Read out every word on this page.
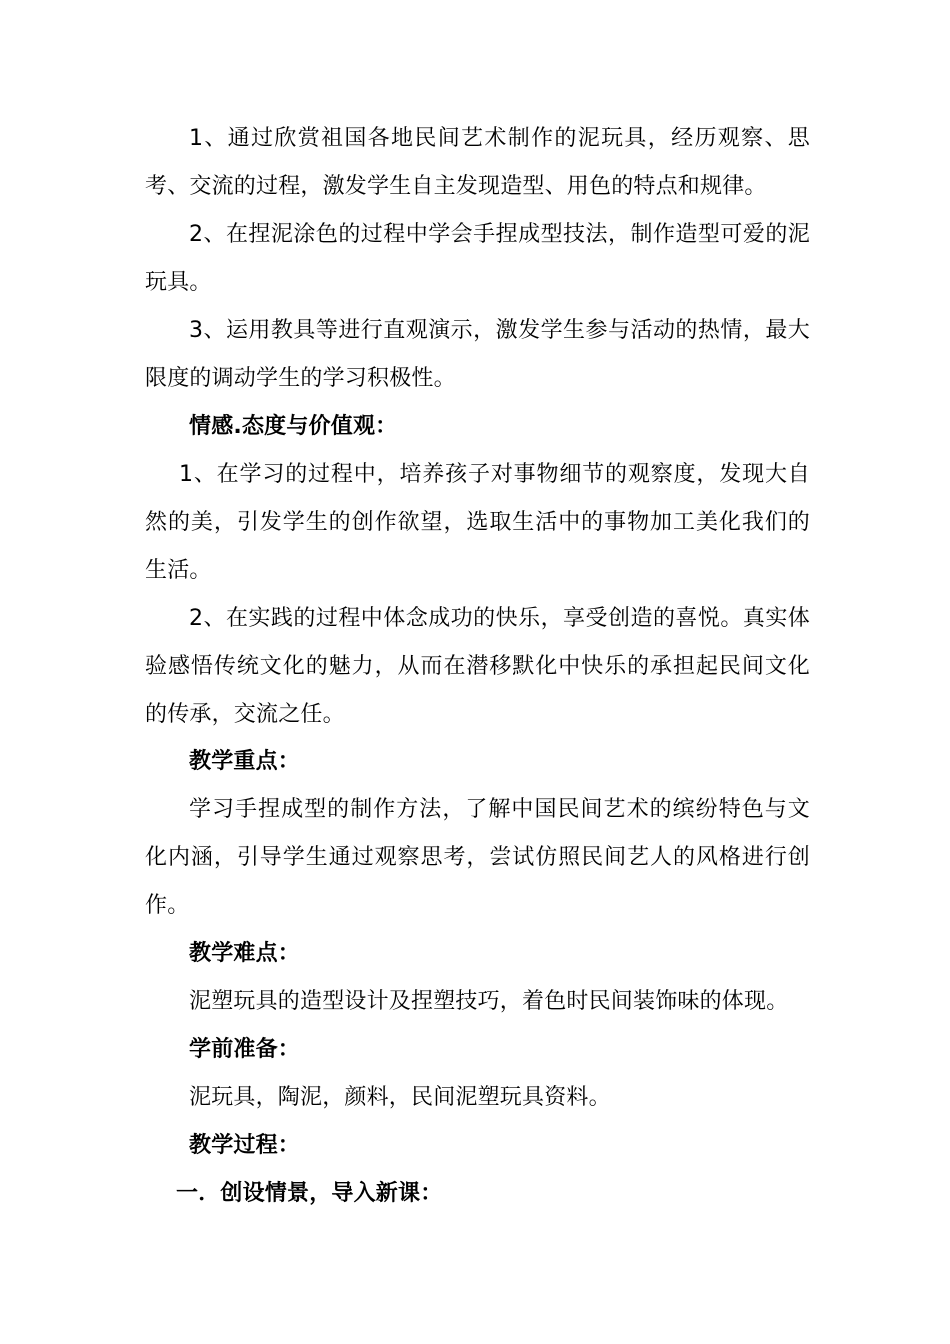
1、通过欣赏祖国各地民间艺术制作的泥玩具，经历观察、思考、交流的过程，激发学生自主发现造型、用色的特点和规律。

2、在捏泥涂色的过程中学会手捏成型技法，制作造型可爱的泥玩具。

3、运用教具等进行直观演示，激发学生参与活动的热情，最大限度的调动学生的学习积极性。

情感.态度与价值观：

1、在学习的过程中，培养孩子对事物细节的观察度，发现大自然的美，引发学生的创作欲望，选取生活中的事物加工美化我们的生活。

2、在实践的过程中体念成功的快乐，享受创造的喜悦。真实体验感悟传统文化的魅力，从而在潜移默化中快乐的承担起民间文化的传承，交流之任。

教学重点：

学习手捏成型的制作方法，了解中国民间艺术的缤纷特色与文化内涵，引导学生通过观察思考，尝试仿照民间艺人的风格进行创作。

教学难点：

泥塑玩具的造型设计及捏塑技巧，着色时民间装饰味的体现。

学前准备：

泥玩具，陶泥，颜料，民间泥塑玩具资料。

教学过程：

一．创设情景，导入新课：
